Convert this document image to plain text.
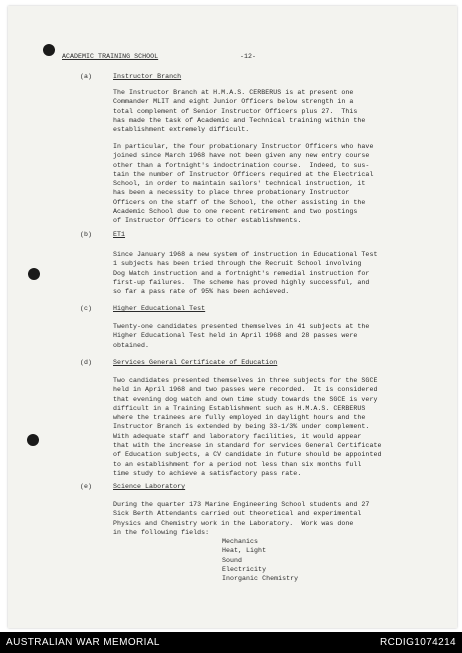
ACADEMIC TRAINING SCHOOL	-12-
(a)	Instructor Branch
The Instructor Branch at H.M.A.S. CERBERUS is at present one
Commander MLIT and eight Junior Officers below strength in a
total complement of Senior Instructor Officers plus 27.  This
has made the task of Academic and Technical training within the
establishment extremely difficult.
In particular, the four probationary Instructor Officers who have
joined since March 1968 have not been given any new entry course
other than a fortnight's indoctrination course.  Indeed, to sus-
tain the number of Instructor Officers required at the Electrical
School, in order to maintain sailors' technical instruction, it
has been a necessity to place three probationary Instructor
Officers on the staff of the School, the other assisting in the
Academic School due to one recent retirement and two postings
of Instructor Officers to other establishments.
(b)	ET1
Since January 1968 a new system of instruction in Educational Test
1 subjects has been tried through the Recruit School involving
Dog Watch instruction and a fortnight's remedial instruction for
first-up failures.  The scheme has proved highly successful, and
so far a pass rate of 95% has been achieved.
(c)	Higher Educational Test
Twenty-one candidates presented themselves in 41 subjects at the
Higher Educational Test held in April 1968 and 28 passes were
obtained.
(d)	Services General Certificate of Education
Two candidates presented themselves in three subjects for the SGCE
held in April 1968 and two passes were recorded.  It is considered
that evening dog watch and own time study towards the SGCE is very
difficult in a Training Establishment such as H.M.A.S. CERBERUS
where the trainees are fully employed in daylight hours and the
Instructor Branch is extended by being 33-1/3% under complement.
With adequate staff and laboratory facilities, it would appear
that with the increase in standard for services General Certificate
of Education subjects, a CV candidate in future should be appointed
to an establishment for a period not less than six months full
time study to achieve a satisfactory pass rate.
(e)	Science Laboratory
During the quarter 173 Marine Engineering School students and 27
Sick Berth Attendants carried out theoretical and experimental
Physics and Chemistry work in the Laboratory.  Work was done
in the following fields:
Mechanics
Heat, Light
Sound
Electricity
Inorganic Chemistry
AUSTRALIAN WAR MEMORIAL	RCDIG1074214
